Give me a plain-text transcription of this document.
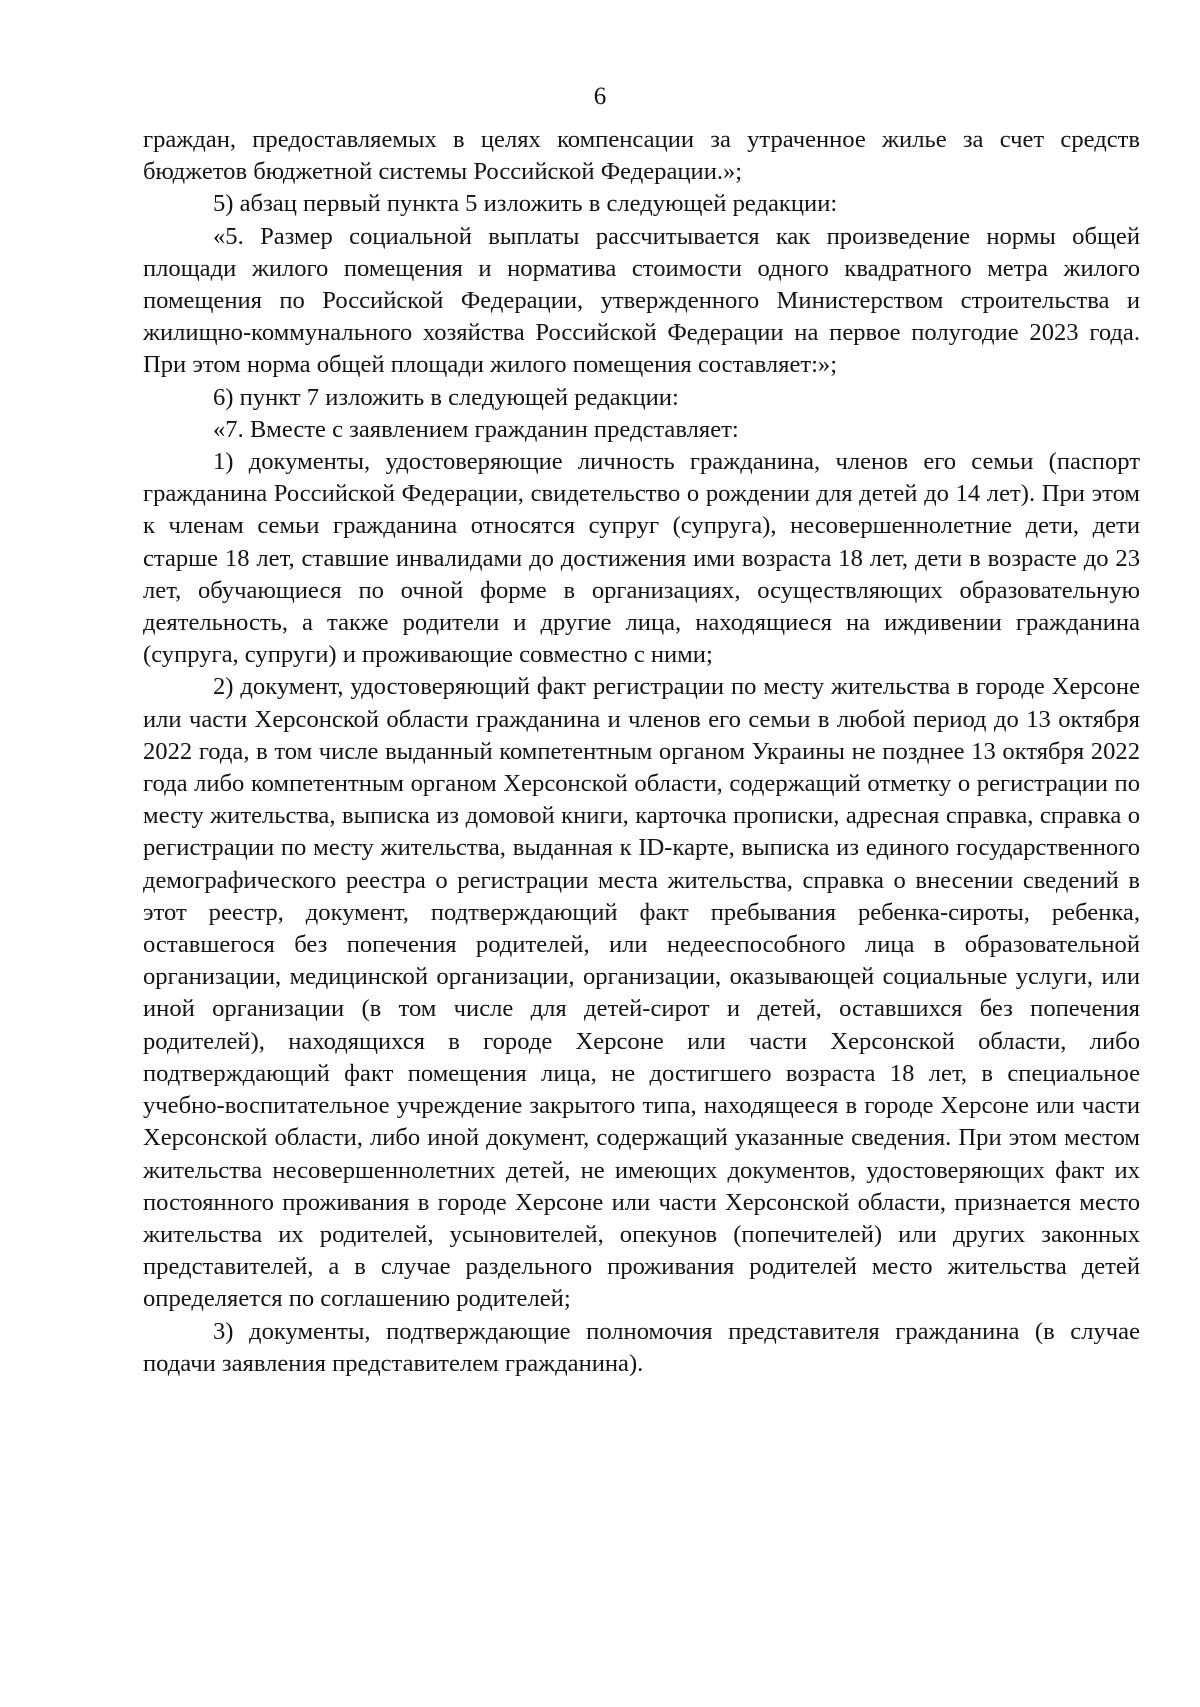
6

граждан, предоставляемых в целях компенсации за утраченное жилье за счет средств бюджетов бюджетной системы Российской Федерации.»;

5) абзац первый пункта 5 изложить в следующей редакции:

«5. Размер социальной выплаты рассчитывается как произведение нормы общей площади жилого помещения и норматива стоимости одного квадратного метра жилого помещения по Российской Федерации, утвержденного Министерством строительства и жилищно-коммунального хозяйства Российской Федерации на первое полугодие 2023 года. При этом норма общей площади жилого помещения составляет:»;

6) пункт 7 изложить в следующей редакции:

«7. Вместе с заявлением гражданин представляет:

1) документы, удостоверяющие личность гражданина, членов его семьи (паспорт гражданина Российской Федерации, свидетельство о рождении для детей до 14 лет). При этом к членам семьи гражданина относятся супруг (супруга), несовершеннолетние дети, дети старше 18 лет, ставшие инвалидами до достижения ими возраста 18 лет, дети в возрасте до 23 лет, обучающиеся по очной форме в организациях, осуществляющих образовательную деятельность, а также родители и другие лица, находящиеся на иждивении гражданина (супруга, супруги) и проживающие совместно с ними;

2) документ, удостоверяющий факт регистрации по месту жительства в городе Херсоне или части Херсонской области гражданина и членов его семьи в любой период до 13 октября 2022 года, в том числе выданный компетентным органом Украины не позднее 13 октября 2022 года либо компетентным органом Херсонской области, содержащий отметку о регистрации по месту жительства, выписка из домовой книги, карточка прописки, адресная справка, справка о регистрации по месту жительства, выданная к ID-карте, выписка из единого государственного демографического реестра о регистрации места жительства, справка о внесении сведений в этот реестр, документ, подтверждающий факт пребывания ребенка-сироты, ребенка, оставшегося без попечения родителей, или недееспособного лица в образовательной организации, медицинской организации, организации, оказывающей социальные услуги, или иной организации (в том числе для детей-сирот и детей, оставшихся без попечения родителей), находящихся в городе Херсоне или части Херсонской области, либо подтверждающий факт помещения лица, не достигшего возраста 18 лет, в специальное учебно-воспитательное учреждение закрытого типа, находящееся в городе Херсоне или части Херсонской области, либо иной документ, содержащий указанные сведения. При этом местом жительства несовершеннолетних детей, не имеющих документов, удостоверяющих факт их постоянного проживания в городе Херсоне или части Херсонской области, признается место жительства их родителей, усыновителей, опекунов (попечителей) или других законных представителей, а в случае раздельного проживания родителей место жительства детей определяется по соглашению родителей;

3) документы, подтверждающие полномочия представителя гражданина (в случае подачи заявления представителем гражданина).
